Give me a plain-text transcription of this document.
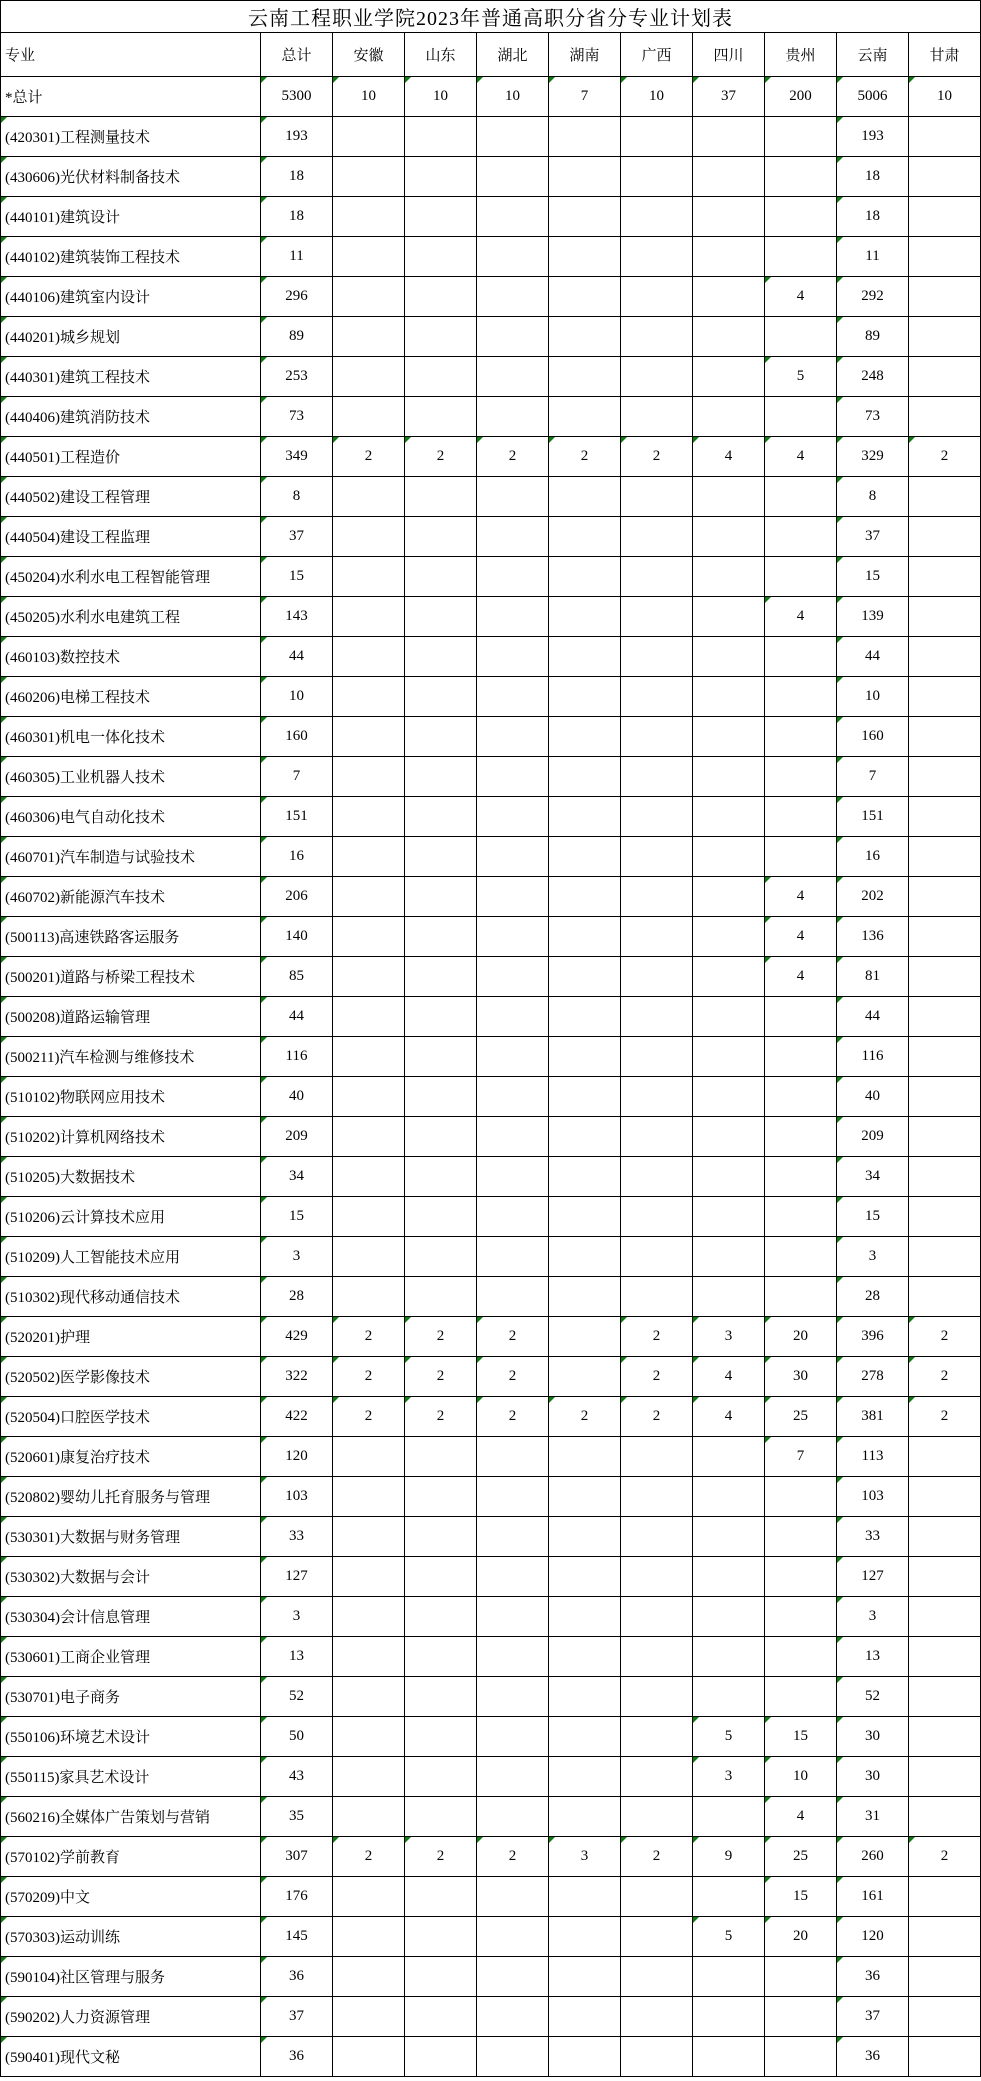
云南工程职业学院2023年普通高职分省分专业计划表										
专业	总计	安徽	山东	湖北	湖南	广西	四川	贵州	云南	甘肃
*总计	5300	10	10	10	7	10	37	200	5006	10

(420301)工程测量技术	193								193	

(430606)光伏材料制备技术	18								18	

(440101)建筑设计	18								18	

(440102)建筑装饰工程技术	11								11	

(440106)建筑室内设计	296							4	292	

(440201)城乡规划	89								89	

(440301)建筑工程技术	253							5	248	

(440406)建筑消防技术	73								73	

(440501)工程造价	349	2	2	2	2	2	4	4	329	2

(440502)建设工程管理	8								8	

(440504)建设工程监理	37								37	

(450204)水利水电工程智能管理	15								15	

(450205)水利水电建筑工程	143							4	139	

(460103)数控技术	44								44	

(460206)电梯工程技术	10								10	

(460301)机电一体化技术	160								160	

(460305)工业机器人技术	7								7	

(460306)电气自动化技术	151								151	

(460701)汽车制造与试验技术	16								16	

(460702)新能源汽车技术	206							4	202	

(500113)高速铁路客运服务	140							4	136	

(500201)道路与桥梁工程技术	85							4	81	

(500208)道路运输管理	44								44	

(500211)汽车检测与维修技术	116								116	

(510102)物联网应用技术	40								40	

(510202)计算机网络技术	209								209	

(510205)大数据技术	34								34	

(510206)云计算技术应用	15								15	

(510209)人工智能技术应用	3								3	

(510302)现代移动通信技术	28								28	

(520201)护理	429	2	2	2		2	3	20	396	2

(520502)医学影像技术	322	2	2	2		2	4	30	278	2

(520504)口腔医学技术	422	2	2	2	2	2	4	25	381	2

(520601)康复治疗技术	120							7	113	

(520802)婴幼儿托育服务与管理	103								103	

(530301)大数据与财务管理	33								33	

(530302)大数据与会计	127								127	

(530304)会计信息管理	3								3	

(530601)工商企业管理	13								13	

(530701)电子商务	52								52	

(550106)环境艺术设计	50						5	15	30	

(550115)家具艺术设计	43						3	10	30	

(560216)全媒体广告策划与营销	35							4	31	

(570102)学前教育	307	2	2	2	3	2	9	25	260	2

(570209)中文	176							15	161	

(570303)运动训练	145						5	20	120	

(590104)社区管理与服务	36								36	

(590202)人力资源管理	37								37	

(590401)现代文秘	36								36	
